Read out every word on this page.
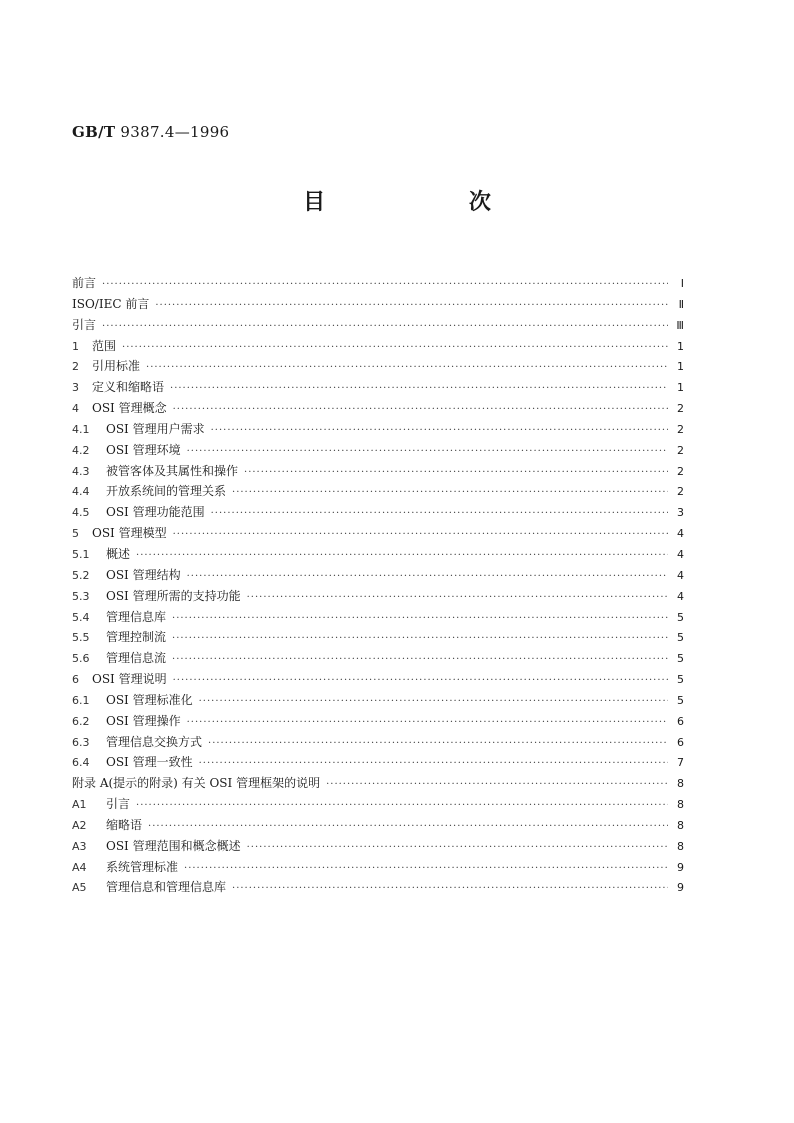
GB/T 9387.4—1996
目 次
前言 ·····	I
ISO/IEC 前言 ·····	Ⅱ
引言 ·····	Ⅲ
1	范围 ·····	1
2	引用标准 ·····	1
3	定义和缩略语 ·····	1
4	OSI 管理概念 ·····	2
4.1	OSI 管理用户需求 ·····	2
4.2	OSI 管理环境 ·····	2
4.3	被管客体及其属性和操作 ·····	2
4.4	开放系统间的管理关系 ·····	2
4.5	OSI 管理功能范围 ·····	3
5	OSI 管理模型 ·····	4
5.1	概述 ·····	4
5.2	OSI 管理结构 ·····	4
5.3	OSI 管理所需的支持功能 ·····	4
5.4	管理信息库 ·····	5
5.5	管理控制流 ·····	5
5.6	管理信息流 ·····	5
6	OSI 管理说明 ·····	5
6.1	OSI 管理标准化 ·····	5
6.2	OSI 管理操作 ·····	6
6.3	管理信息交换方式 ·····	6
6.4	OSI 管理一致性 ·····	7
附录 A(提示的附录) 有关 OSI 管理框架的说明 ·····	8
A1	引言 ·····	8
A2	缩略语 ·····	8
A3	OSI 管理范围和概念概述 ·····	8
A4	系统管理标准 ·····	9
A5	管理信息和管理信息库 ·····	9
